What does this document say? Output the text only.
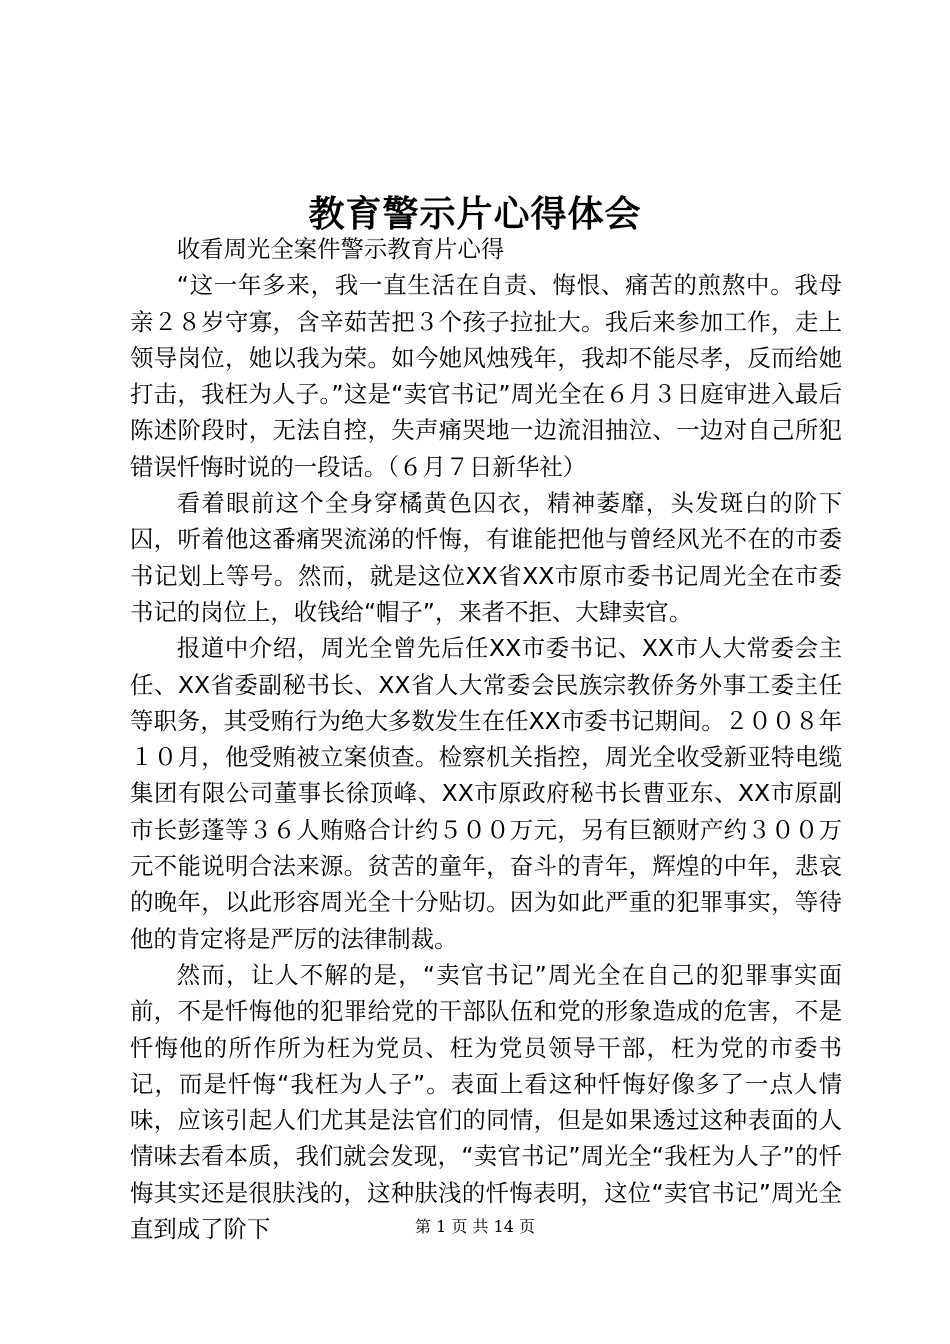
教育警示片心得体会

收看周光全案件警示教育片心得

“这一年多来，我一直生活在自责、悔恨、痛苦的煎熬中。我母亲２８岁守寡，含辛茹苦把３个孩子拉扯大。我后来参加工作，走上领导岗位，她以我为荣。如今她风烛残年，我却不能尽孝，反而给她打击，我枉为人子。”这是“卖官书记”周光全在６月３日庭审进入最后陈述阶段时，无法自控，失声痛哭地一边流泪抽泣、一边对自己所犯错误忏悔时说的一段话。（６月７日新华社）

看着眼前这个全身穿橘黄色囚衣，精神萎靡，头发斑白的阶下囚，听着他这番痛哭流涕的忏悔，有谁能把他与曾经风光不在的市委书记划上等号。然而，就是这位XX省XX市原市委书记周光全在市委书记的岗位上，收钱给“帽子”，来者不拒、大肆卖官。

报道中介绍，周光全曾先后任XX市委书记、XX市人大常委会主任、XX省委副秘书长、XX省人大常委会民族宗教侨务外事工委主任等职务，其受贿行为绝大多数发生在任XX市委书记期间。２００８年１０月，他受贿被立案侦查。检察机关指控，周光全收受新亚特电缆集团有限公司董事长徐顶峰、XX市原政府秘书长曹亚东、XX市原副市长彭蓬等３６人贿赂合计约５００万元，另有巨额财产约３００万元不能说明合法来源。贫苦的童年，奋斗的青年，辉煌的中年，悲哀的晚年，以此形容周光全十分贴切。因为如此严重的犯罪事实，等待他的肯定将是严厉的法律制裁。

然而，让人不解的是，“卖官书记”周光全在自己的犯罪事实面前，不是忏悔他的犯罪给党的干部队伍和党的形象造成的危害，不是忏悔他的所作所为枉为党员、枉为党员领导干部，枉为党的市委书记，而是忏悔“我枉为人子”。表面上看这种忏悔好像多了一点人情味，应该引起人们尤其是法官们的同情，但是如果透过这种表面的人情味去看本质，我们就会发现，“卖官书记”周光全“我枉为人子”的忏悔其实还是很肤浅的，这种肤浅的忏悔表明，这位“卖官书记”周光全直到成了阶下	第 1 页 共 14 页
